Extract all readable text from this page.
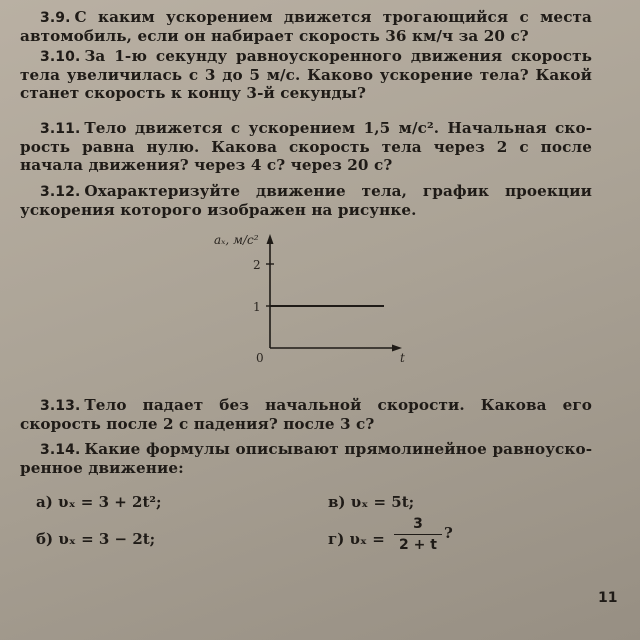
3.9. С каким ускорением движется трогающийся с места автомобиль, если он набирает скорость 36 км/ч за 20 с?
3.10. За 1-ю секунду равноускоренного движения скорость тела увеличилась с 3 до 5 м/с. Каково ускорение тела? Какой станет скорость к концу 3-й секунды?
3.11. Тело движется с ускорением 1,5 м/с². Начальная скорость равна нулю. Какова скорость тела через 2 с после начала движения? через 4 с? через 20 с?
3.12. Охарактеризуйте движение тела, график проекции ускорения которого изображен на рисунке.
aₓ, м/с²
2
1
0	t
3.13. Тело падает без начальной скорости. Какова его скорость после 2 с падения? после 3 с?
3.14. Какие формулы описывают прямолинейное равноускоренное движение:
а) υₓ = 3 + 2t²;
б) υₓ = 3 − 2t;
в) υₓ = 5t;
г) υₓ =
3
2 + t
?
11
